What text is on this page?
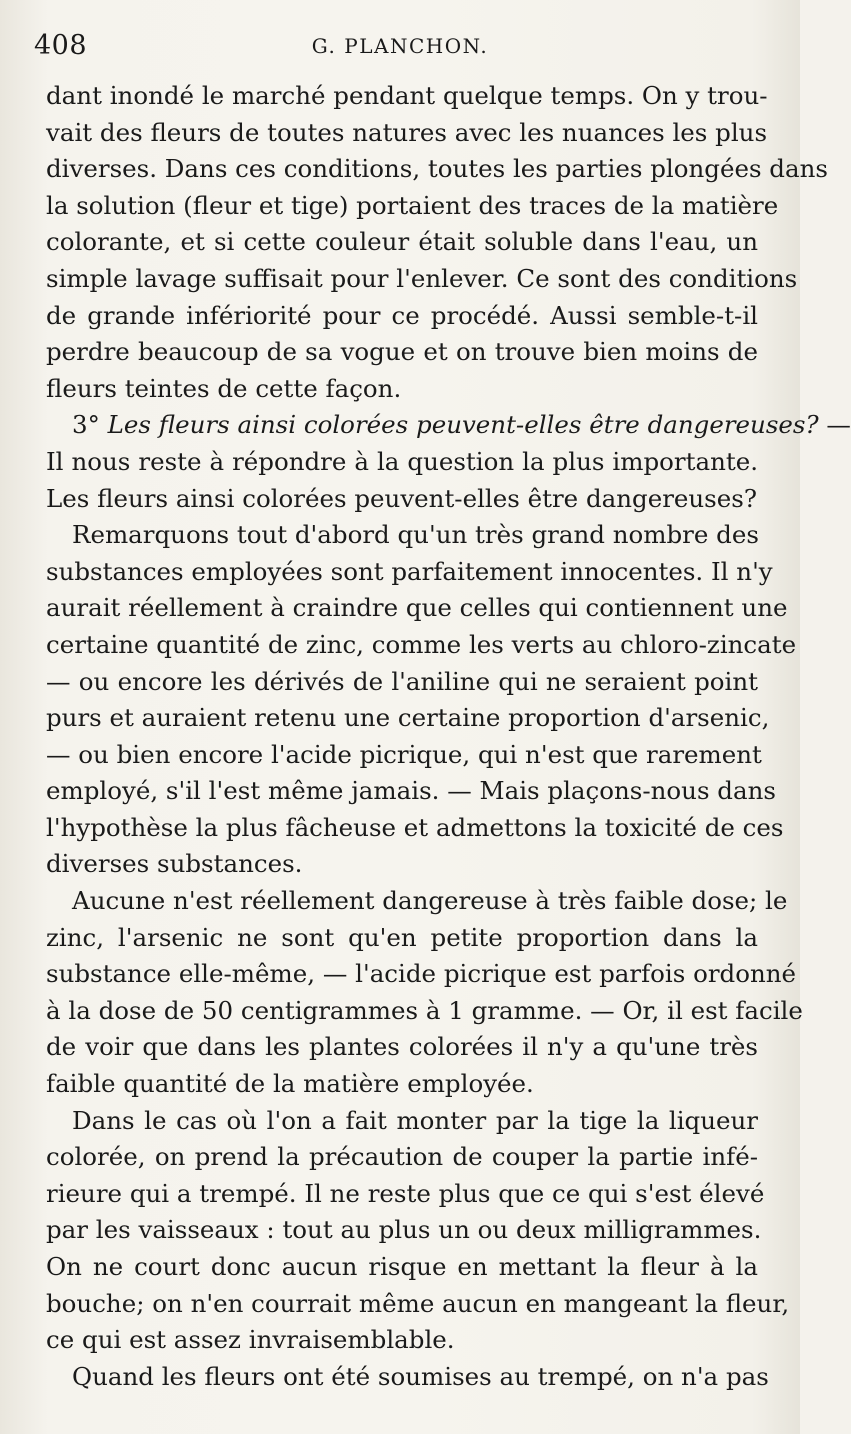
408	G. PLANCHON.
dant inondé le marché pendant quelque temps. On y trou-
vait des fleurs de toutes natures avec les nuances les plus
diverses. Dans ces conditions, toutes les parties plongées dans
la solution (fleur et tige) portaient des traces de la matière
colorante, et si cette couleur était soluble dans l'eau, un
simple lavage suffisait pour l'enlever. Ce sont des conditions
de grande infériorité pour ce procédé. Aussi semble-t-il
perdre beaucoup de sa vogue et on trouve bien moins de
fleurs teintes de cette façon.
3° Les fleurs ainsi colorées peuvent-elles être dangereuses? —
Il nous reste à répondre à la question la plus importante.
Les fleurs ainsi colorées peuvent-elles être dangereuses?
Remarquons tout d'abord qu'un très grand nombre des
substances employées sont parfaitement innocentes. Il n'y
aurait réellement à craindre que celles qui contiennent une
certaine quantité de zinc, comme les verts au chloro-zincate
— ou encore les dérivés de l'aniline qui ne seraient point
purs et auraient retenu une certaine proportion d'arsenic,
— ou bien encore l'acide picrique, qui n'est que rarement
employé, s'il l'est même jamais. — Mais plaçons-nous dans
l'hypothèse la plus fâcheuse et admettons la toxicité de ces
diverses substances.
Aucune n'est réellement dangereuse à très faible dose; le
zinc, l'arsenic ne sont qu'en petite proportion dans la
substance elle-même, — l'acide picrique est parfois ordonné
à la dose de 50 centigrammes à 1 gramme. — Or, il est facile
de voir que dans les plantes colorées il n'y a qu'une très
faible quantité de la matière employée.
Dans le cas où l'on a fait monter par la tige la liqueur
colorée, on prend la précaution de couper la partie infé-
rieure qui a trempé. Il ne reste plus que ce qui s'est élevé
par les vaisseaux : tout au plus un ou deux milligrammes.
On ne court donc aucun risque en mettant la fleur à la
bouche; on n'en courrait même aucun en mangeant la fleur,
ce qui est assez invraisemblable.
Quand les fleurs ont été soumises au trempé, on n'a pas
